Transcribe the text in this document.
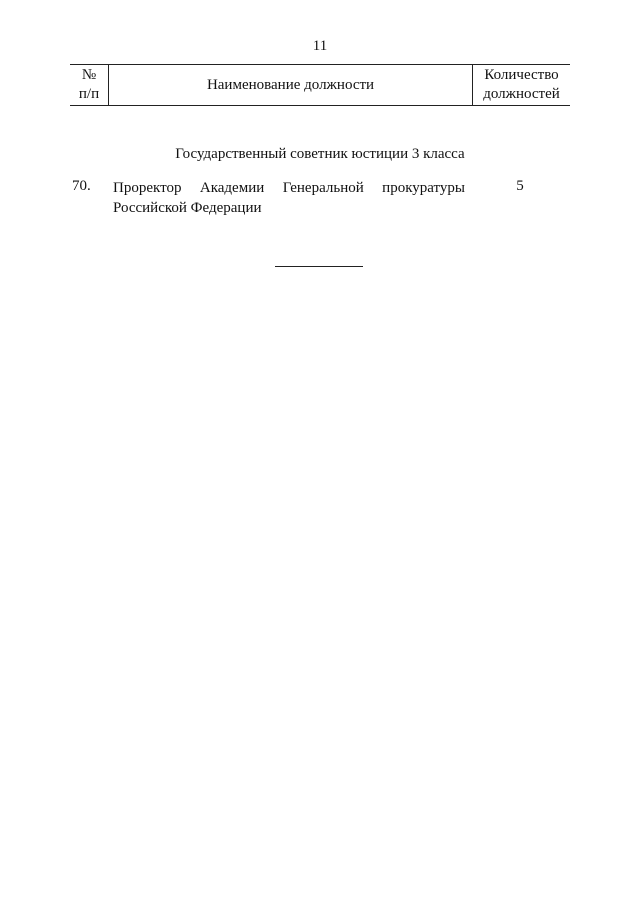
11
№
п/п
Наименование должности
Количество
должностей
Государственный советник юстиции 3 класса
70. Проректор Академии Генеральной прокуратуры Российской Федерации
5
